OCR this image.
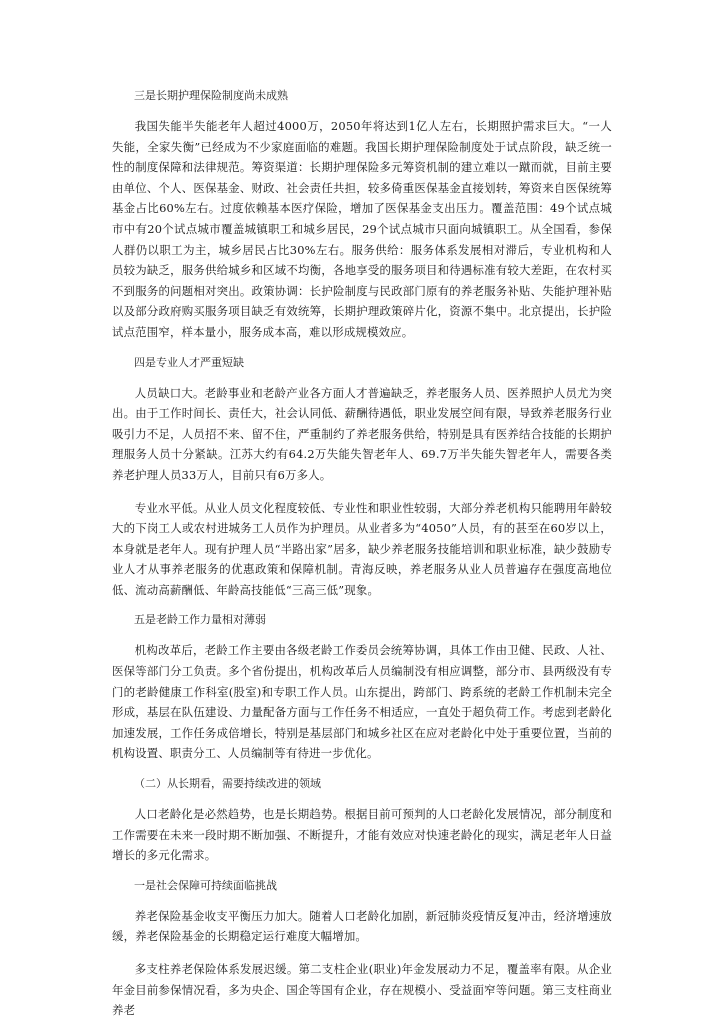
三是长期护理保险制度尚未成熟

我国失能半失能老年人超过4000万，2050年将达到1亿人左右，长期照护需求巨大。“一人失能，全家失衡”已经成为不少家庭面临的难题。我国长期护理保险制度处于试点阶段，缺乏统一性的制度保障和法律规范。筹资渠道：长期护理保险多元筹资机制的建立难以一蹴而就，目前主要由单位、个人、医保基金、财政、社会责任共担，较多倚重医保基金直接划转，筹资来自医保统筹基金占比60%左右。过度依赖基本医疗保险，增加了医保基金支出压力。覆盖范围：49个试点城市中有20个试点城市覆盖城镇职工和城乡居民，29个试点城市只面向城镇职工。从全国看，参保人群仍以职工为主，城乡居民占比30%左右。服务供给：服务体系发展相对滞后，专业机构和人员较为缺乏，服务供给城乡和区域不均衡，各地享受的服务项目和待遇标准有较大差距，在农村买不到服务的问题相对突出。政策协调：长护险制度与民政部门原有的养老服务补贴、失能护理补贴以及部分政府购买服务项目缺乏有效统筹，长期护理政策碎片化，资源不集中。北京提出，长护险试点范围窄，样本量小，服务成本高，难以形成规模效应。

四是专业人才严重短缺

人员缺口大。老龄事业和老龄产业各方面人才普遍缺乏，养老服务人员、医养照护人员尤为突出。由于工作时间长、责任大，社会认同低、薪酬待遇低，职业发展空间有限，导致养老服务行业吸引力不足，人员招不来、留不住，严重制约了养老服务供给，特别是具有医养结合技能的长期护理服务人员十分紧缺。江苏大约有64.2万失能失智老年人、69.7万半失能失智老年人，需要各类养老护理人员33万人，目前只有6万多人。

专业水平低。从业人员文化程度较低、专业性和职业性较弱，大部分养老机构只能聘用年龄较大的下岗工人或农村进城务工人员作为护理员。从业者多为“4050”人员，有的甚至在60岁以上，本身就是老年人。现有护理人员“半路出家”居多，缺少养老服务技能培训和职业标准，缺少鼓励专业人才从事养老服务的优惠政策和保障机制。青海反映，养老服务从业人员普遍存在强度高地位低、流动高薪酬低、年龄高技能低“三高三低”现象。

五是老龄工作力量相对薄弱

机构改革后，老龄工作主要由各级老龄工作委员会统筹协调，具体工作由卫健、民政、人社、医保等部门分工负责。多个省份提出，机构改革后人员编制没有相应调整，部分市、县两级没有专门的老龄健康工作科室(股室)和专职工作人员。山东提出，跨部门、跨系统的老龄工作机制未完全形成，基层在队伍建设、力量配备方面与工作任务不相适应，一直处于超负荷工作。考虑到老龄化加速发展，工作任务成倍增长，特别是基层部门和城乡社区在应对老龄化中处于重要位置，当前的机构设置、职责分工、人员编制等有待进一步优化。

（二）从长期看，需要持续改进的领域

人口老龄化是必然趋势，也是长期趋势。根据目前可预判的人口老龄化发展情况，部分制度和工作需要在未来一段时期不断加强、不断提升，才能有效应对快速老龄化的现实，满足老年人日益增长的多元化需求。

一是社会保障可持续面临挑战

养老保险基金收支平衡压力加大。随着人口老龄化加剧，新冠肺炎疫情反复冲击，经济增速放缓，养老保险基金的长期稳定运行难度大幅增加。

多支柱养老保险体系发展迟缓。第二支柱企业(职业)年金发展动力不足，覆盖率有限。从企业年金目前参保情况看，多为央企、国企等国有企业，存在规模小、受益面窄等问题。第三支柱商业养老
